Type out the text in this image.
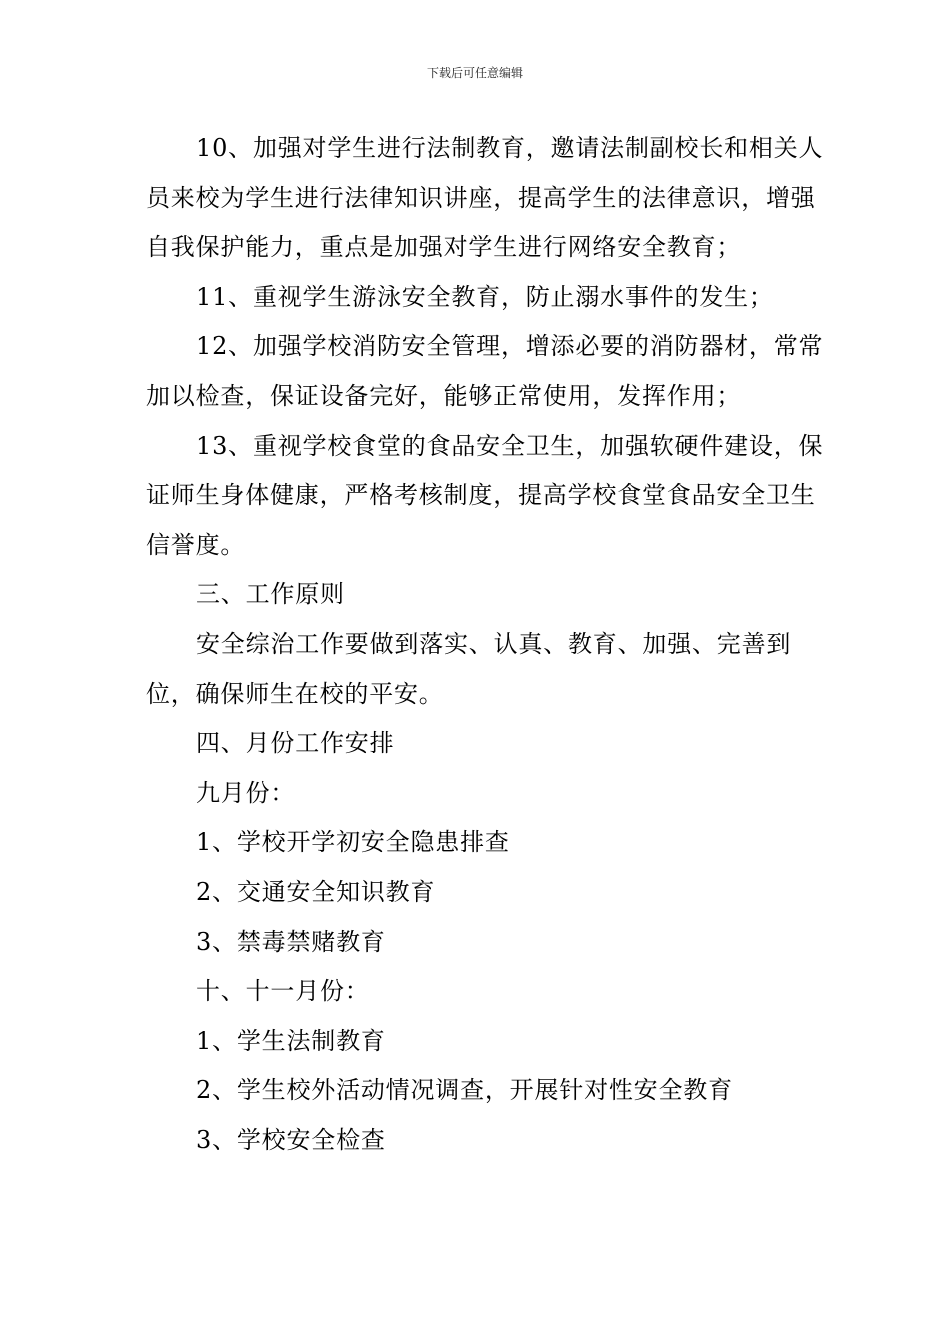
下载后可任意编辑

10、加强对学生进行法制教育，邀请法制副校长和相关人员来校为学生进行法律知识讲座，提高学生的法律意识，增强自我保护能力，重点是加强对学生进行网络安全教育；

11、重视学生游泳安全教育，防止溺水事件的发生；

12、加强学校消防安全管理，增添必要的消防器材，常常加以检查，保证设备完好，能够正常使用，发挥作用；

13、重视学校食堂的食品安全卫生，加强软硬件建设，保证师生身体健康，严格考核制度，提高学校食堂食品安全卫生信誉度。

三、工作原则

安全综治工作要做到落实、认真、教育、加强、完善到位，确保师生在校的平安。

四、月份工作安排

九月份：

1、学校开学初安全隐患排查

2、交通安全知识教育

3、禁毒禁赌教育

十、十一月份：

1、学生法制教育

2、学生校外活动情况调查，开展针对性安全教育

3、学校安全检查
